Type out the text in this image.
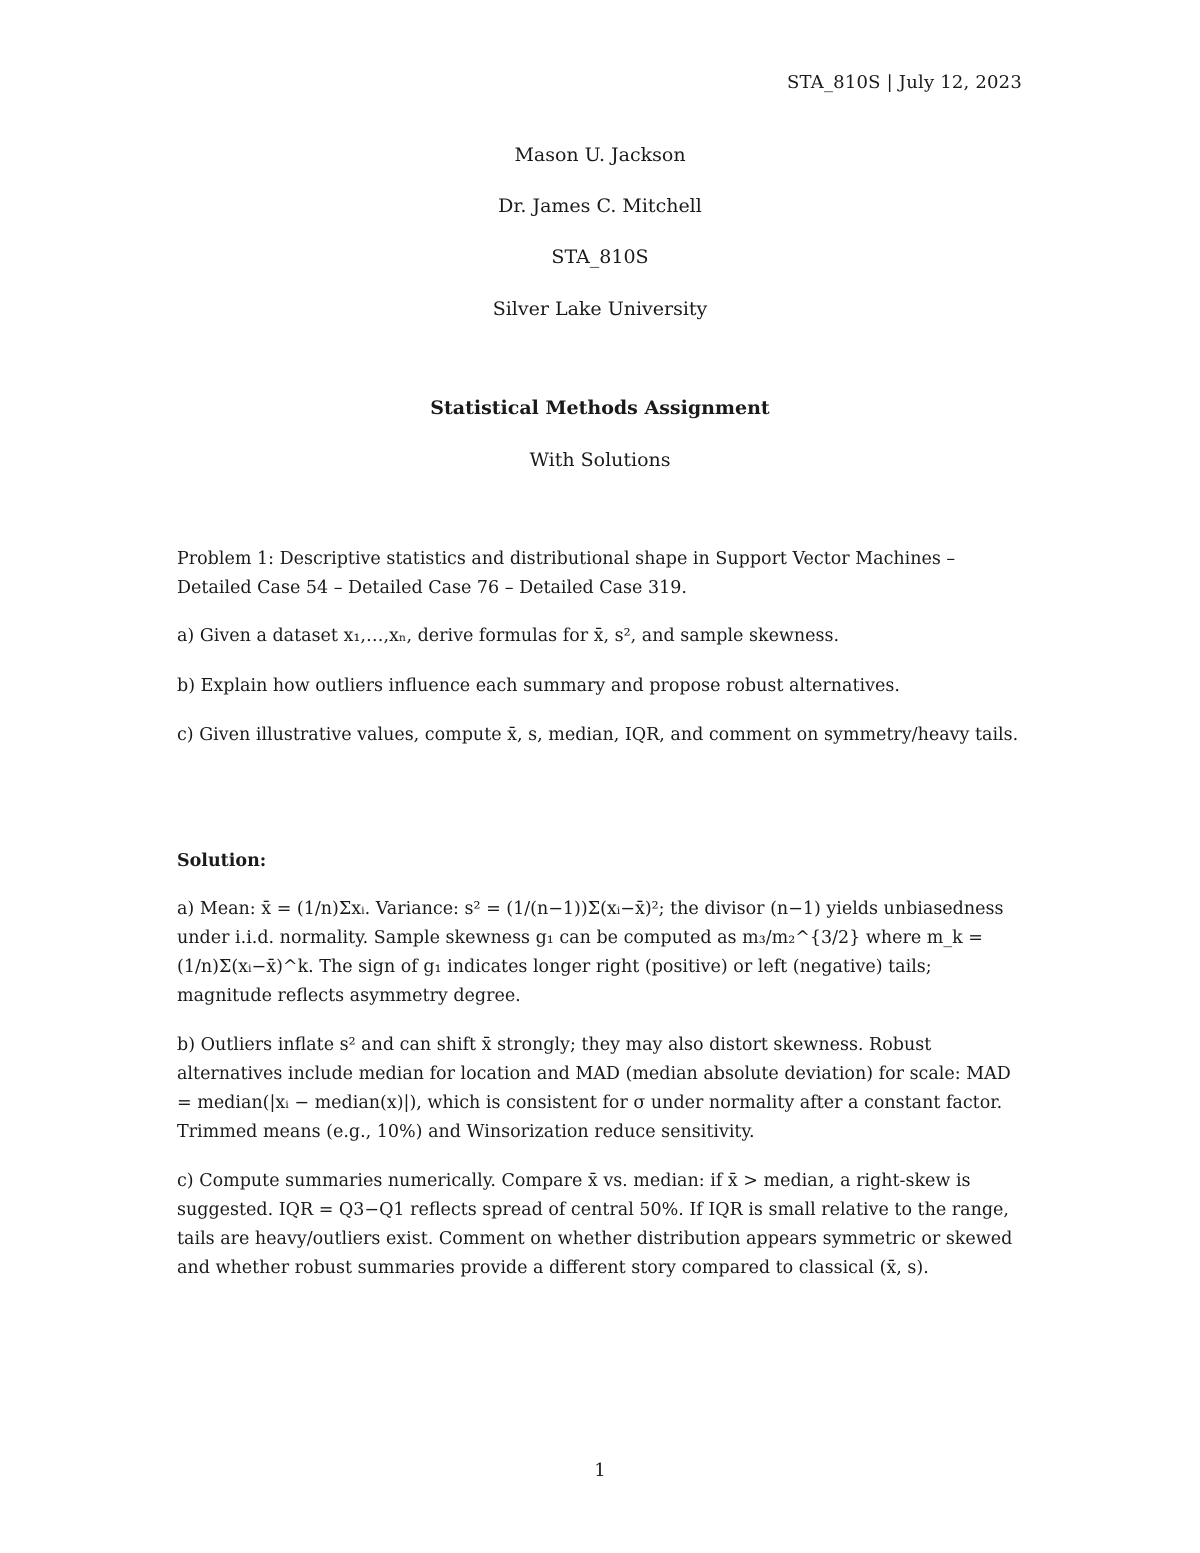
STA_810S | July 12, 2023
Mason U. Jackson
Dr. James C. Mitchell
STA_810S
Silver Lake University
Statistical Methods Assignment
With Solutions

Problem 1: Descriptive statistics and distributional shape in Support Vector Machines – Detailed Case 54 – Detailed Case 76 – Detailed Case 319.

a) Given a dataset x₁,…,xₙ, derive formulas for x̄, s², and sample skewness.

b) Explain how outliers influence each summary and propose robust alternatives.

c) Given illustrative values, compute x̄, s, median, IQR, and comment on symmetry/heavy tails.

Solution:

a) Mean: x̄ = (1/n)Σxᵢ. Variance: s² = (1/(n−1))Σ(xᵢ−x̄)²; the divisor (n−1) yields unbiasedness under i.i.d. normality. Sample skewness g₁ can be computed as m₃/m₂^{3/2} where m_k = (1/n)Σ(xᵢ−x̄)^k. The sign of g₁ indicates longer right (positive) or left (negative) tails; magnitude reflects asymmetry degree.

b) Outliers inflate s² and can shift x̄ strongly; they may also distort skewness. Robust alternatives include median for location and MAD (median absolute deviation) for scale: MAD = median(|xᵢ − median(x)|), which is consistent for σ under normality after a constant factor. Trimmed means (e.g., 10%) and Winsorization reduce sensitivity.

c) Compute summaries numerically. Compare x̄ vs. median: if x̄ > median, a right-skew is suggested. IQR = Q3−Q1 reflects spread of central 50%. If IQR is small relative to the range, tails are heavy/outliers exist. Comment on whether distribution appears symmetric or skewed and whether robust summaries provide a different story compared to classical (x̄, s).

1
